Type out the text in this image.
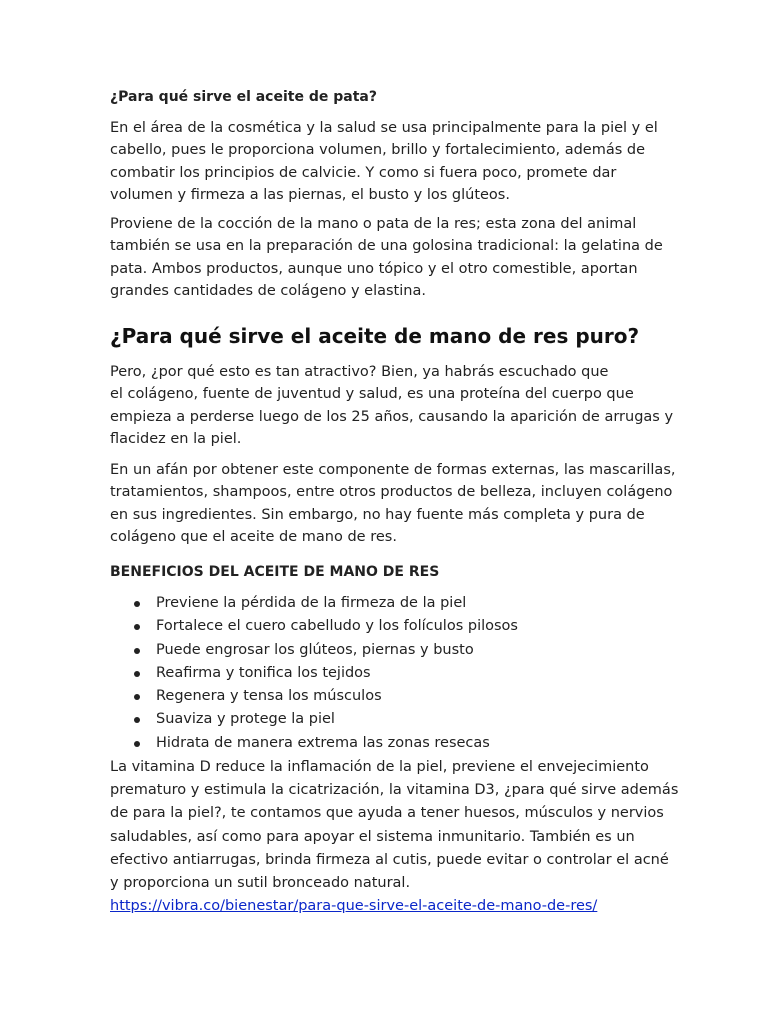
¿Para qué sirve el aceite de pata?

En el área de la cosmética y la salud se usa principalmente para la piel y el
cabello, pues le proporciona volumen, brillo y fortalecimiento, además de
combatir los principios de calvicie. Y como si fuera poco, promete dar
volumen y firmeza a las piernas, el busto y los glúteos.

Proviene de la cocción de la mano o pata de la res; esta zona del animal
también se usa en la preparación de una golosina tradicional: la gelatina de
pata. Ambos productos, aunque uno tópico y el otro comestible, aportan
grandes cantidades de colágeno y elastina.

¿Para qué sirve el aceite de mano de res puro?

Pero, ¿por qué esto es tan atractivo? Bien, ya habrás escuchado que
el colágeno, fuente de juventud y salud, es una proteína del cuerpo que
empieza a perderse luego de los 25 años, causando la aparición de arrugas y
flacidez en la piel.

En un afán por obtener este componente de formas externas, las mascarillas,
tratamientos, shampoos, entre otros productos de belleza, incluyen colágeno
en sus ingredientes. Sin embargo, no hay fuente más completa y pura de
colágeno que el aceite de mano de res.

BENEFICIOS DEL ACEITE DE MANO DE RES
Previene la pérdida de la firmeza de la piel
Fortalece el cuero cabelludo y los folículos pilosos
Puede engrosar los glúteos, piernas y busto
Reafirma y tonifica los tejidos
Regenera y tensa los músculos
Suaviza y protege la piel
Hidrata de manera extrema las zonas resecas

La vitamina D reduce la inflamación de la piel, previene el envejecimiento
prematuro y estimula la cicatrización, la vitamina D3, ¿para qué sirve además
de para la piel?, te contamos que ayuda a tener huesos, músculos y nervios
saludables, así como para apoyar el sistema inmunitario. También es un
efectivo antiarrugas, brinda firmeza al cutis, puede evitar o controlar el acné
y proporciona un sutil bronceado natural.

https://vibra.co/bienestar/para-que-sirve-el-aceite-de-mano-de-res/
